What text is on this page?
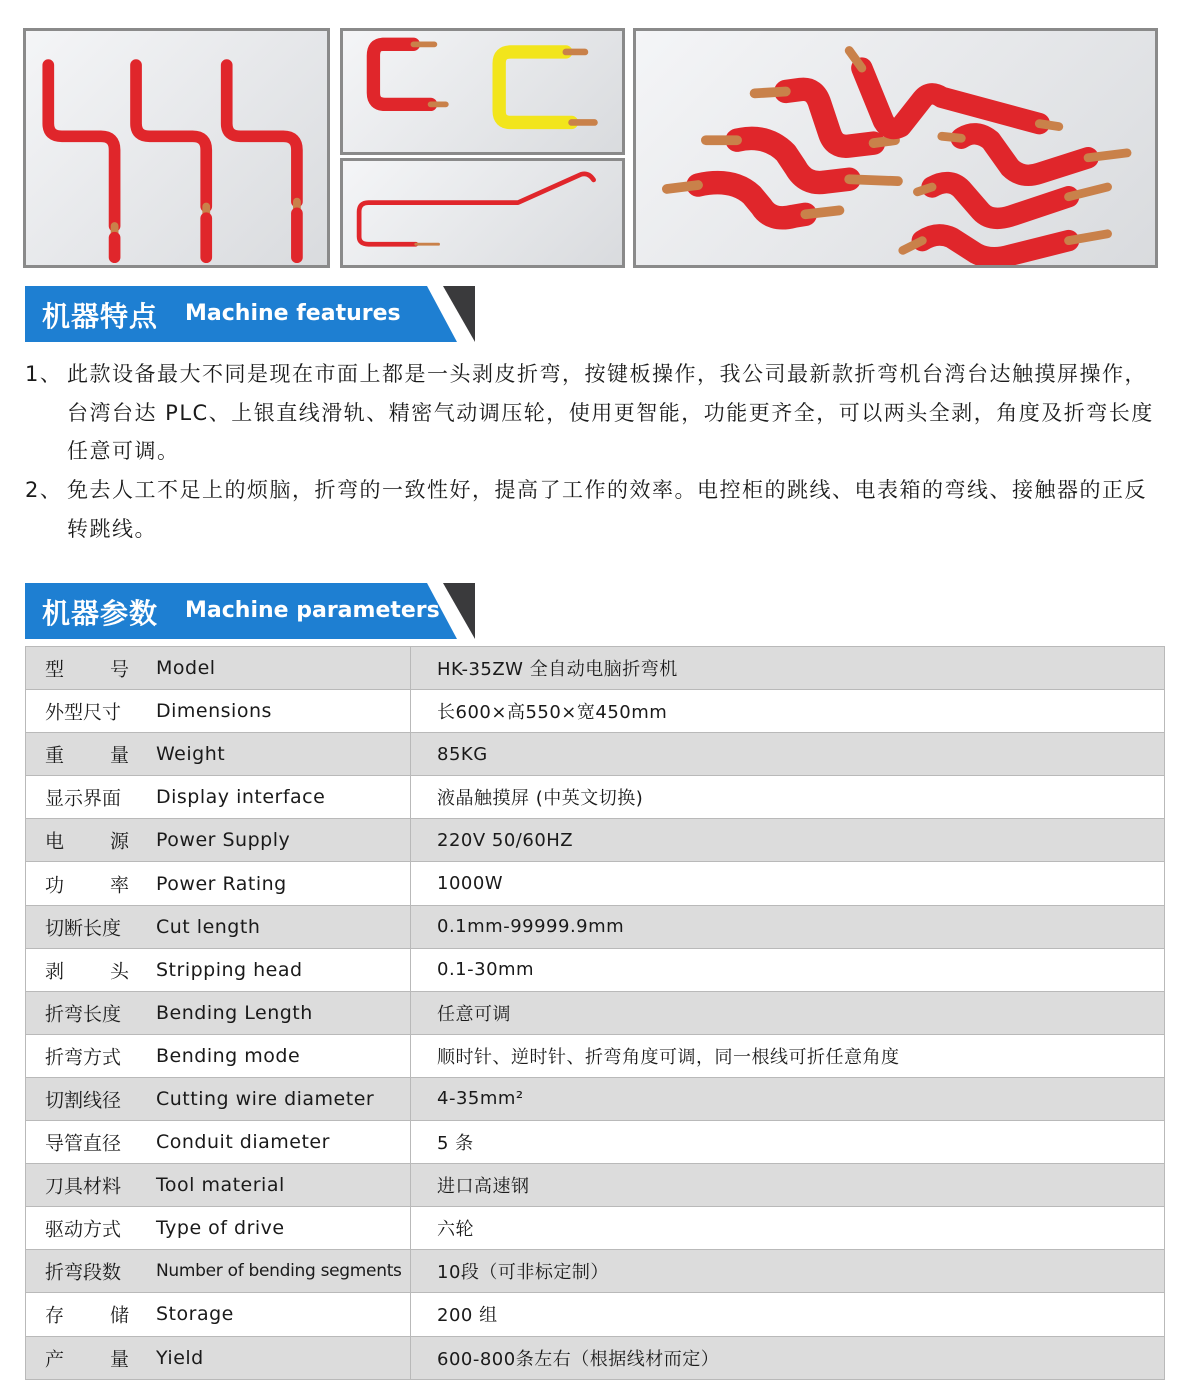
机器特点 Machine features
1、 此款设备最大不同是现在市面上都是一头剥皮折弯，按键板操作，我公司最新款折弯机台湾台达触摸屏操作，台湾台达 PLC、上银直线滑轨、精密气动调压轮，使用更智能，功能更齐全，可以两头全剥，角度及折弯长度任意可调。
2、 免去人工不足上的烦脑，折弯的一致性好，提高了工作的效率。电控柜的跳线、电表箱的弯线、接触器的正反转跳线。
机器参数 Machine parameters
型 号 Model	HK-35ZW 全自动电脑折弯机

外型尺寸 Dimensions	长600×高550×宽450mm

重 量 Weight	85KG

显示界面 Display interface	液晶触摸屏 (中英文切换)

电 源 Power Supply	220V 50/60HZ

功 率 Power Rating	1000W

切断长度 Cut length	0.1mm-99999.9mm

剥 头 Stripping head	0.1-30mm

折弯长度 Bending Length	任意可调

折弯方式 Bending mode	顺时针、逆时针、折弯角度可调，同一根线可折任意角度

切割线径 Cutting wire diameter	4-35mm²

导管直径 Conduit diameter	5 条

刀具材料 Tool material	进口高速钢

驱动方式 Type of drive	六轮

折弯段数 Number of bending segments	10段（可非标定制）

存 储 Storage	200 组

产 量 Yield	600-800条左右（根据线材而定）
